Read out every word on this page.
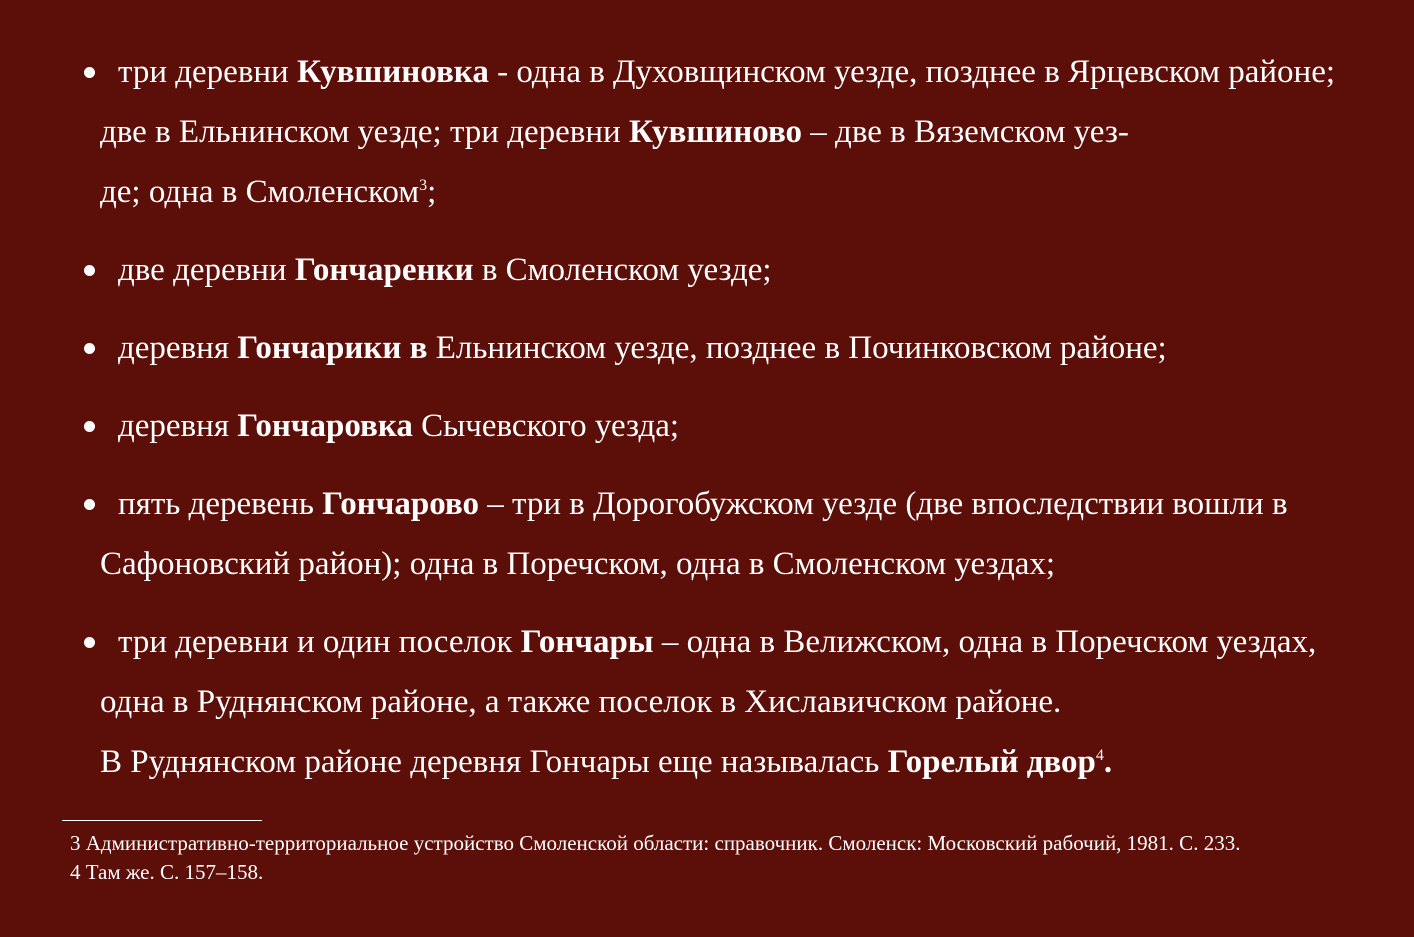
три деревни Кувшиновка - одна в Духовщинском уезде, позднее в Ярцевском районе; две в Ельнинском уезде; три деревни Кувшиново – две в Вяземском уез-
де; одна в Смоленском$^3$;
две деревни Гончаренки в Смоленском уезде;
деревня Гончарики в Ельнинском уезде, позднее в Починковском районе;
деревня Гончаровка Сычевского уезда;
пять деревень Гончарово – три в Дорогобужском уезде (две впоследствии вошли в Сафоновский район); одна в Поречском, одна в Смоленском уездах;
три деревни и один поселок Гончары – одна в Велижском, одна в Поречском уездах, одна в Руднянском районе, а также поселок в Хиславичском районе.
В Руднянском районе деревня Гончары еще называлась Горелый двор$^4$.
3 Административно-территориальное устройство Смоленской области: справочник. Смоленск: Московский рабочий, 1981. С. 233.
4 Там же. С. 157–158.
